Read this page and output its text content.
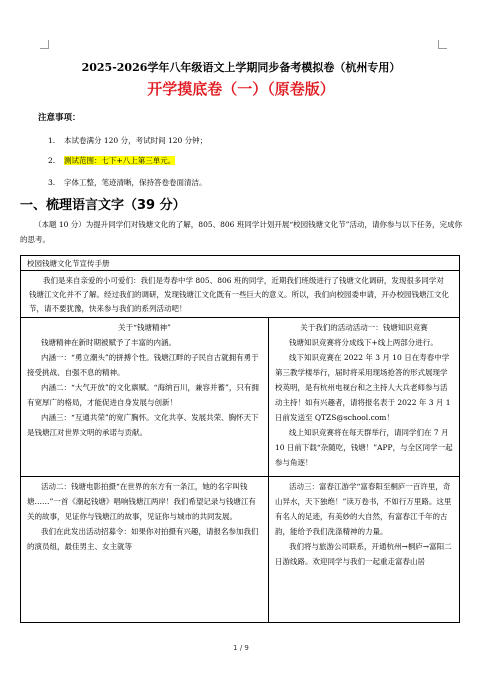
2025-2026学年八年级语文上学期同步备考模拟卷（杭州专用）
开学摸底卷（一）（原卷版）
注意事项：
1. 本试卷满分 120 分，考试时间 120 分钟；
2. 测试范围：七下+八上第三单元。
3. 字体工整，笔迹清晰，保持答卷卷面清洁。
一、梳理语言文字（39 分）
（本题 10 分）为提升同学们对钱塘文化的了解，805、806 班同学计划开展“校园钱塘文化节”活动，请你参与以下任务，完成你的思考。
校园钱塘文化节宣传手册
我们是来自亲爱的小可爱们：我们是寿春中学 805、806 班的同学，近期我们班级进行了钱塘文化调研，发现很多同学对钱塘江文化并不了解。经过我们的调研，发现钱塘江文化既有一些巨大的意义。所以，我们向校园委申请，开办校园钱塘江文化节，请不要犹豫，快来参与我们的系列活动吧！

关于“钱塘精神”

钱塘精神在新时期被赋予了丰富的内涵。

内涵一：“勇立潮头”的拼搏个性。钱塘江畔的子民自古就拥有勇于接受挑战、自强不息的精神。

内涵二：“大气开放”的文化禀赋。“海纳百川，兼容并蓄”，只有拥有宽厚广的格局，才能促进自身发展与创新！

内涵三：“互通共荣”的宽广胸怀。文化共享、发展共荣、胸怀天下是钱塘江对世界文明的承诺与贡献。

关于我们的活动活动一：钱塘知识竞赛

钱塘知识竞赛将分成线下+线上两部分进行。

线下知识竞赛在 2022 年 3 月 10 日在寿春中学第三教学楼举行，届时将采用现场抢答的形式展现学校英明，是有杭州电视台和之主持人大兵老师参与活动主持！如有兴趣者，请将报名表于 2022 年 3 月 1 日前发送至 QTZS@school.com！

线上知识竞赛将在每天群举行，请同学们在 7 月 10 日前下载“杂随吃，钱塘！”APP，与全区同学一起参与角逐！

活动二：钱塘电影拍摄“在世界的东方有一条江，她的名字叫钱塘……”一首《潮起钱塘》唱响钱塘江两岸！我们希望记录与钱塘江有关的故事，见证你与钱塘江的故事，见证你与城市的共同发展。

我们在此发出活动招募令：如果你对拍摄有兴趣，请报名参加我们的演员组，最佳男主、女主就等

活动三：富春江游学“富春阳至桐庐一百许里，奇山异水，天下独绝！”读万卷书，不如行万里路。这里有名人的足迹，有美妙的大自然，有富春江千年的古韵，能给予我们洗涤精神的力量。

我们将与旅游公司联系，开通杭州→桐庐→富阳二日游线路。欢迎同学与我们一起重走富春山居

1 / 9
